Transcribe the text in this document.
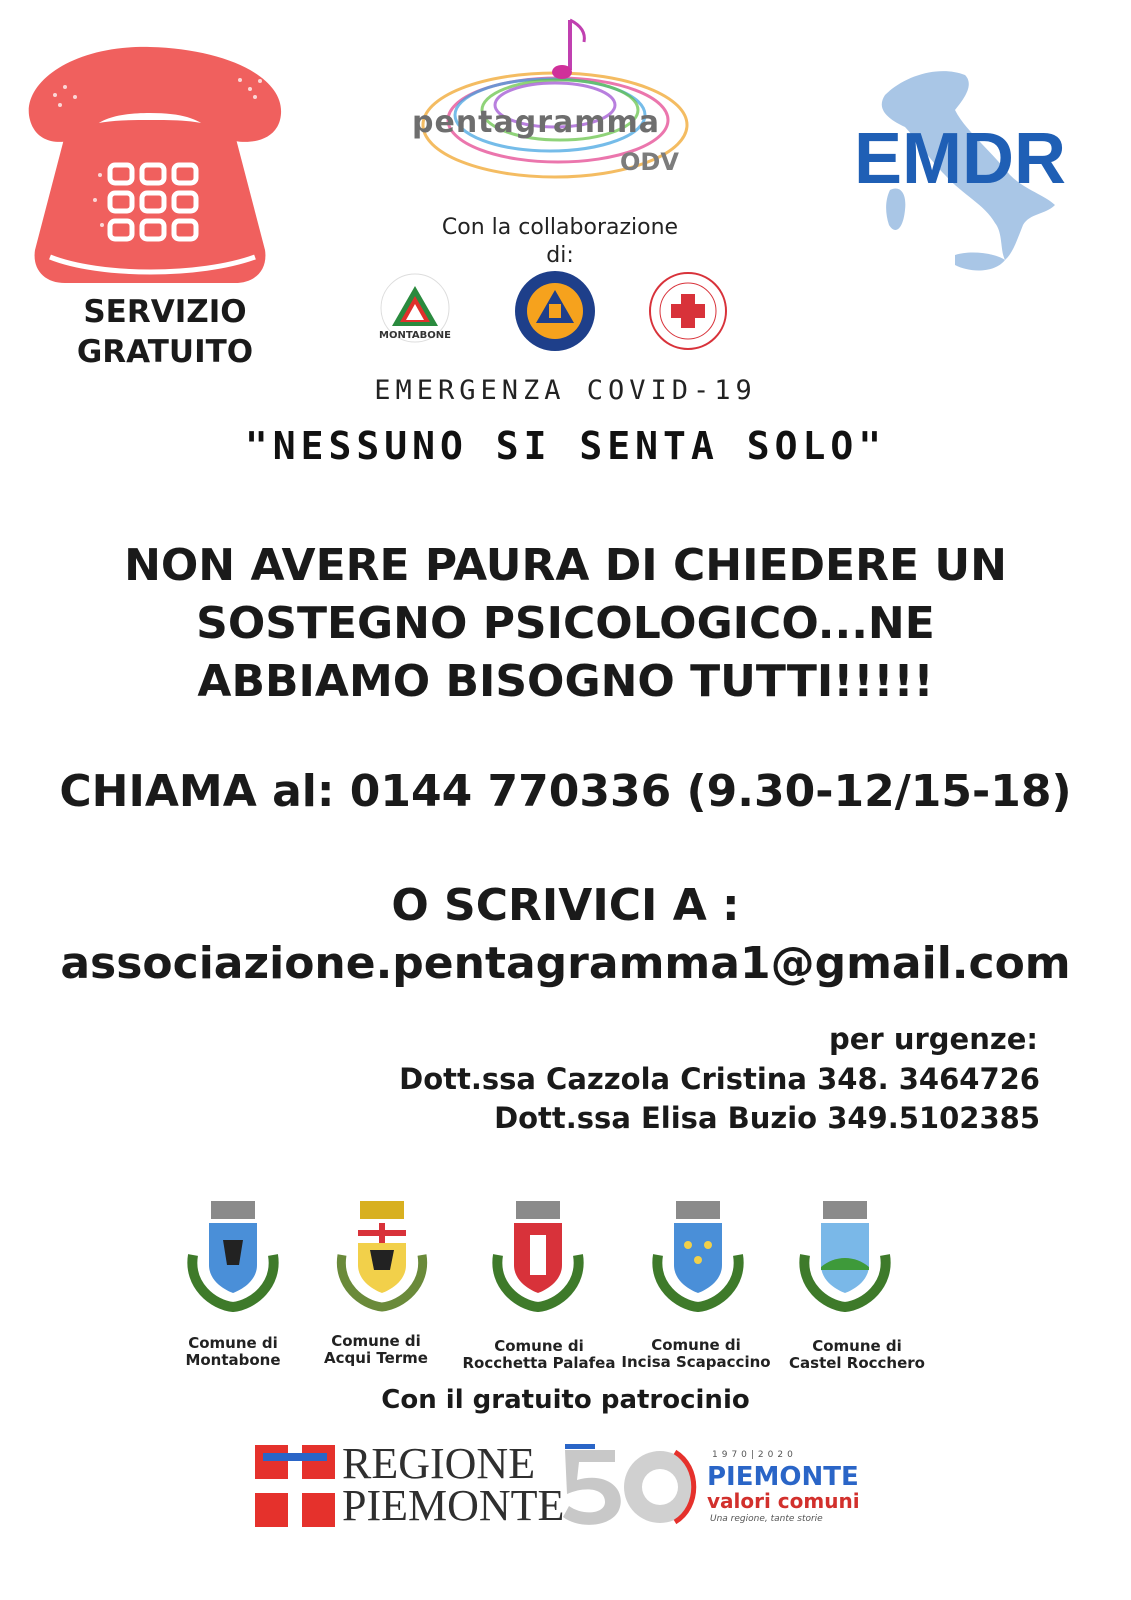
SERVIZIO GRATUITO
pentagramma
ODV EMDR
Con la collaborazione di:
MONTABONE
EMERGENZA COVID-19
"NESSUNO SI SENTA SOLO"
NON AVERE PAURA DI CHIEDERE UN SOSTEGNO PSICOLOGICO...NE ABBIAMO BISOGNO TUTTI!!!!!
CHIAMA al: 0144 770336 (9.30-12/15-18)
O SCRIVICI A :
associazione.pentagramma1@gmail.com
per urgenze:
Dott.ssa Cazzola Cristina 348. 3464726
Dott.ssa Elisa Buzio 349.5102385
Comune di
Montabone
Comune di
Acqui Terme
Comune di
Rocchetta Palafea
Comune di
Incisa Scapaccino
Comune di
Castel Rocchero
Con il gratuito patrocinio
REGIONE
PIEMONTE
1970|2020
PIEMONTE
valori comuni
Una regione, tante storie
